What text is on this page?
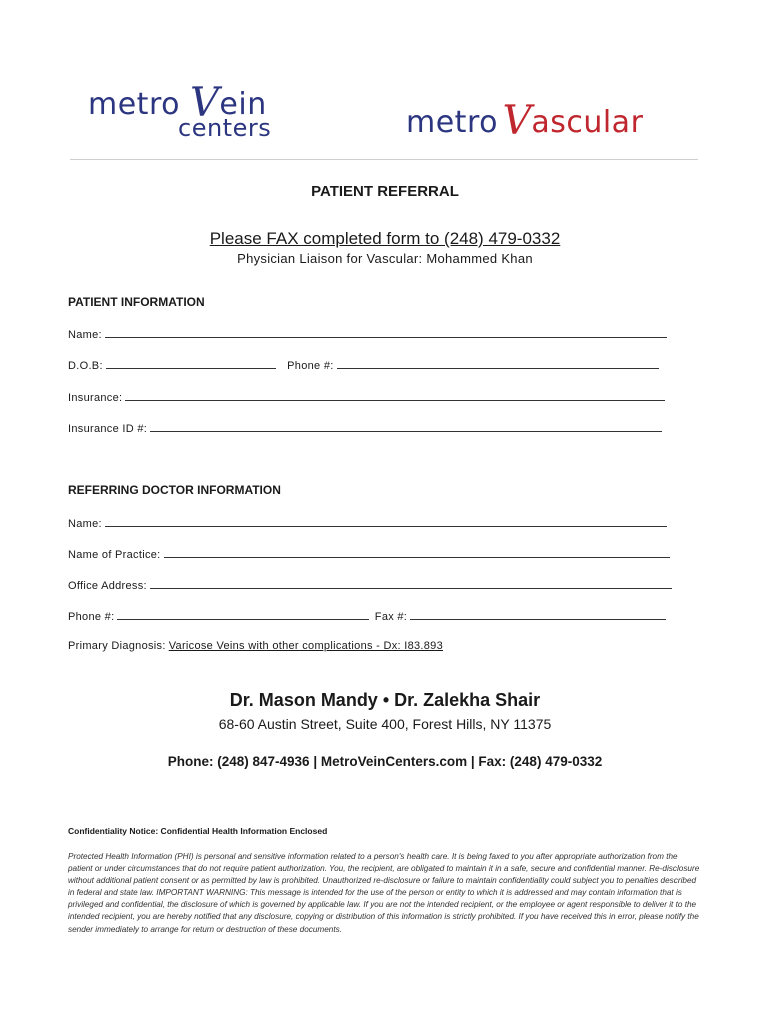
metro Vein
centers	metro Vascular
PATIENT REFERRAL
Please FAX completed form to (248) 479-0332
Physician Liaison for Vascular: Mohammed Khan
PATIENT INFORMATION
Name:
D.O.B:	Phone #:
Insurance:
Insurance ID #:
REFERRING DOCTOR INFORMATION
Name:
Name of Practice:
Office Address:
Phone #:	Fax #:
Primary Diagnosis: Varicose Veins with other complications - Dx: I83.893
Dr. Mason Mandy • Dr. Zalekha Shair
68-60 Austin Street, Suite 400, Forest Hills, NY 11375
Phone: (248) 847-4936 | MetroVeinCenters.com | Fax: (248) 479-0332
Confidentiality Notice: Confidential Health Information Enclosed
Protected Health Information (PHI) is personal and sensitive information related to a person's health care. It is being faxed to you after appropriate authorization from the patient or under circumstances that do not require patient authorization. You, the recipient, are obligated to maintain it in a safe, secure and confidential manner. Re-disclosure without additional patient consent or as permitted by law is prohibited. Unauthorized re-disclosure or failure to maintain confidentiality could subject you to penalties described in federal and state law. IMPORTANT WARNING: This message is intended for the use of the person or entity to which it is addressed and may contain information that is privileged and confidential, the disclosure of which is governed by applicable law. If you are not the intended recipient, or the employee or agent responsible to deliver it to the intended recipient, you are hereby notified that any disclosure, copying or distribution of this information is strictly prohibited. If you have received this in error, please notify the sender immediately to arrange for return or destruction of these documents.
